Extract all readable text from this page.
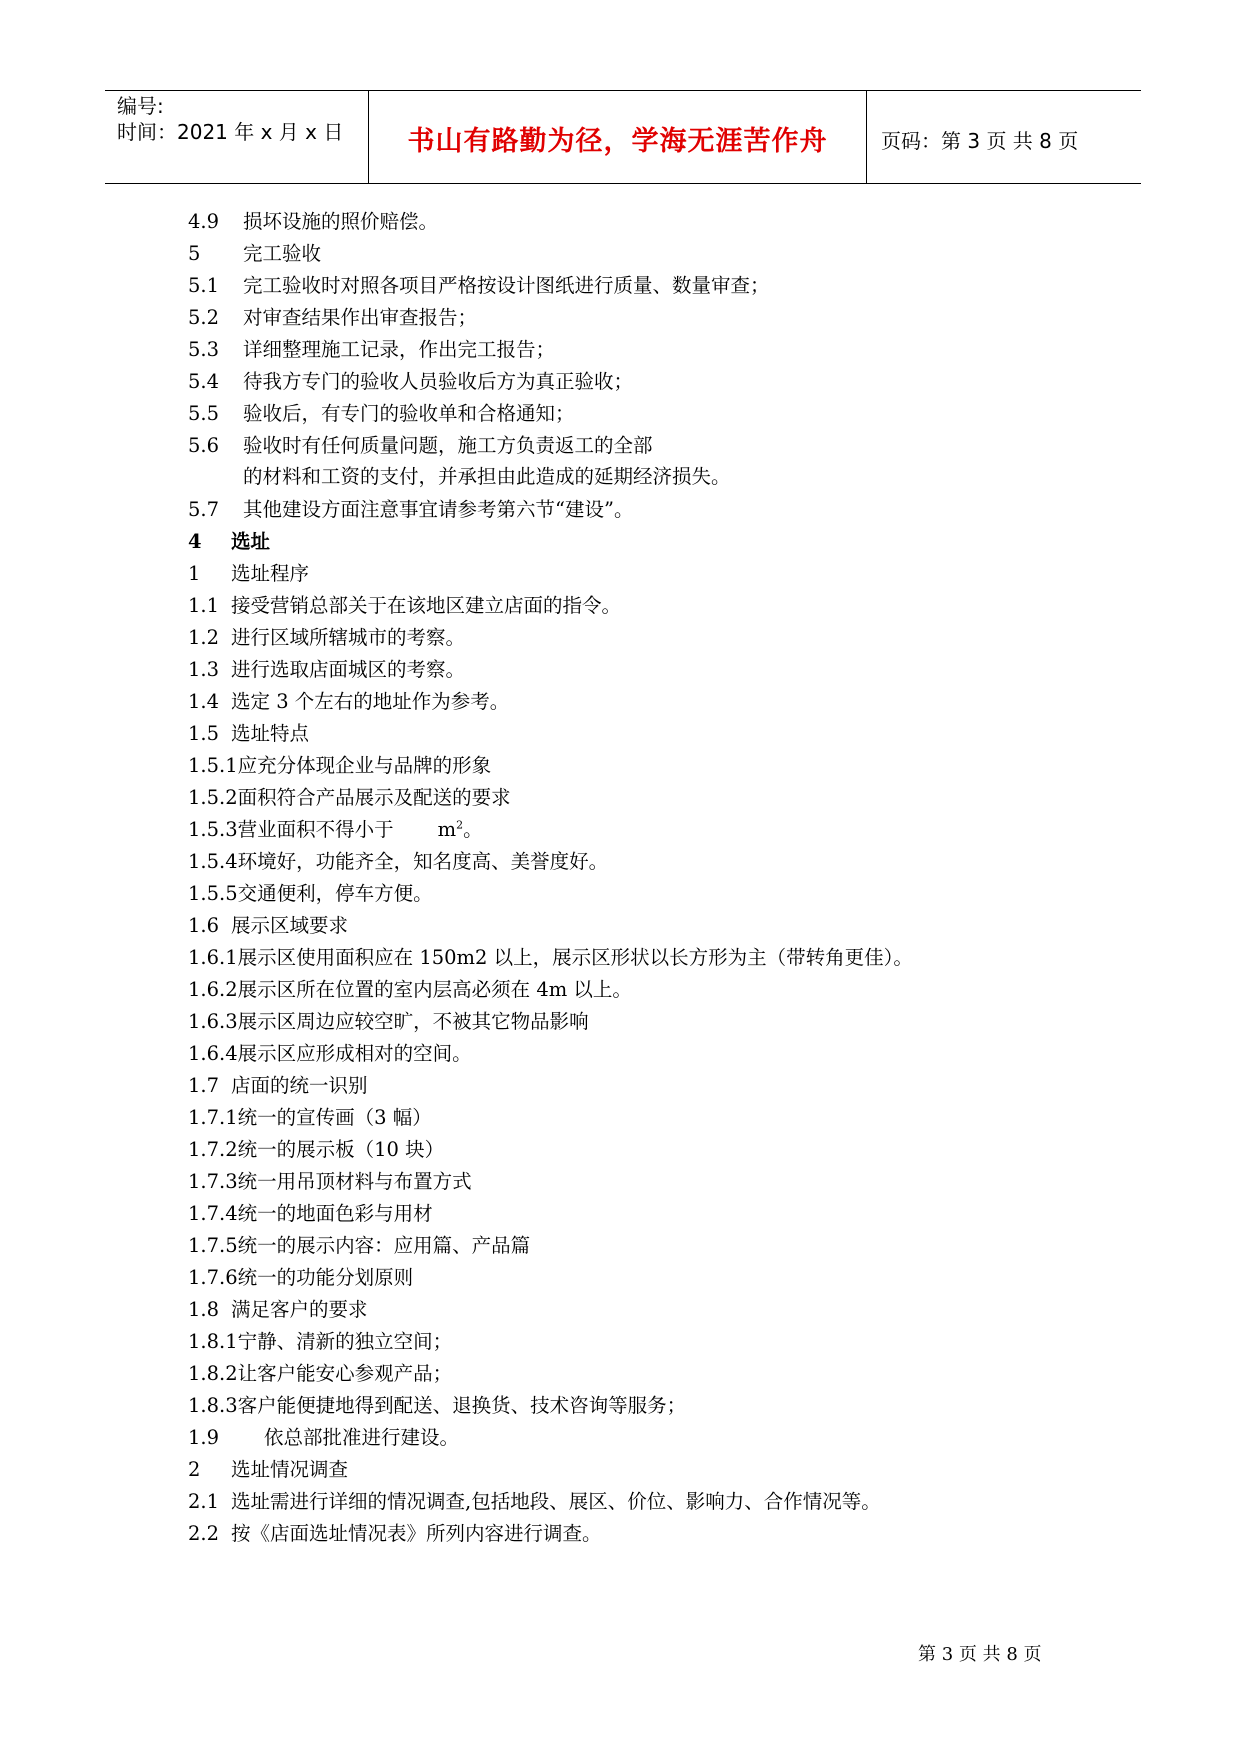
编号:
时间：2021 年 x 月 x 日	书山有路勤为径，学海无涯苦作舟	页码：第 3 页 共 8 页
4.9 损坏设施的照价赔偿。
5 完工验收
5.1 完工验收时对照各项目严格按设计图纸进行质量、数量审查；
5.2 对审查结果作出审查报告；
5.3 详细整理施工记录，作出完工报告；
5.4 待我方专门的验收人员验收后方为真正验收；
5.5 验收后，有专门的验收单和合格通知；
5.6 验收时有任何质量问题，施工方负责返工的全部
的材料和工资的支付，并承担由此造成的延期经济损失。
5.7 其他建设方面注意事宜请参考第六节“建设”。
4 选址
1 选址程序
1.1 接受营销总部关于在该地区建立店面的指令。
1.2 进行区域所辖城市的考察。
1.3 进行选取店面城区的考察。
1.4 选定 3 个左右的地址作为参考。
1.5 选址特点
1.5.1应充分体现企业与品牌的形象
1.5.2面积符合产品展示及配送的要求
1.5.3营业面积不得小于 $m^2$。
1.5.4环境好，功能齐全，知名度高、美誉度好。
1.5.5交通便利，停车方便。
1.6 展示区域要求
1.6.1展示区使用面积应在 150m2 以上，展示区形状以长方形为主（带转角更佳）。
1.6.2展示区所在位置的室内层高必须在 4m 以上。
1.6.3展示区周边应较空旷，不被其它物品影响
1.6.4展示区应形成相对的空间。
1.7 店面的统一识别
1.7.1统一的宣传画（3 幅）
1.7.2统一的展示板（10 块）
1.7.3统一用吊顶材料与布置方式
1.7.4统一的地面色彩与用材
1.7.5统一的展示内容：应用篇、产品篇
1.7.6统一的功能分划原则
1.8 满足客户的要求
1.8.1宁静、清新的独立空间；
1.8.2让客户能安心参观产品；
1.8.3客户能便捷地得到配送、退换货、技术咨询等服务；
1.9 依总部批准进行建设。
2 选址情况调查
2.1 选址需进行详细的情况调查,包括地段、展区、价位、影响力、合作情况等。
2.2 按《店面选址情况表》所列内容进行调查。
第 3 页 共 8 页
